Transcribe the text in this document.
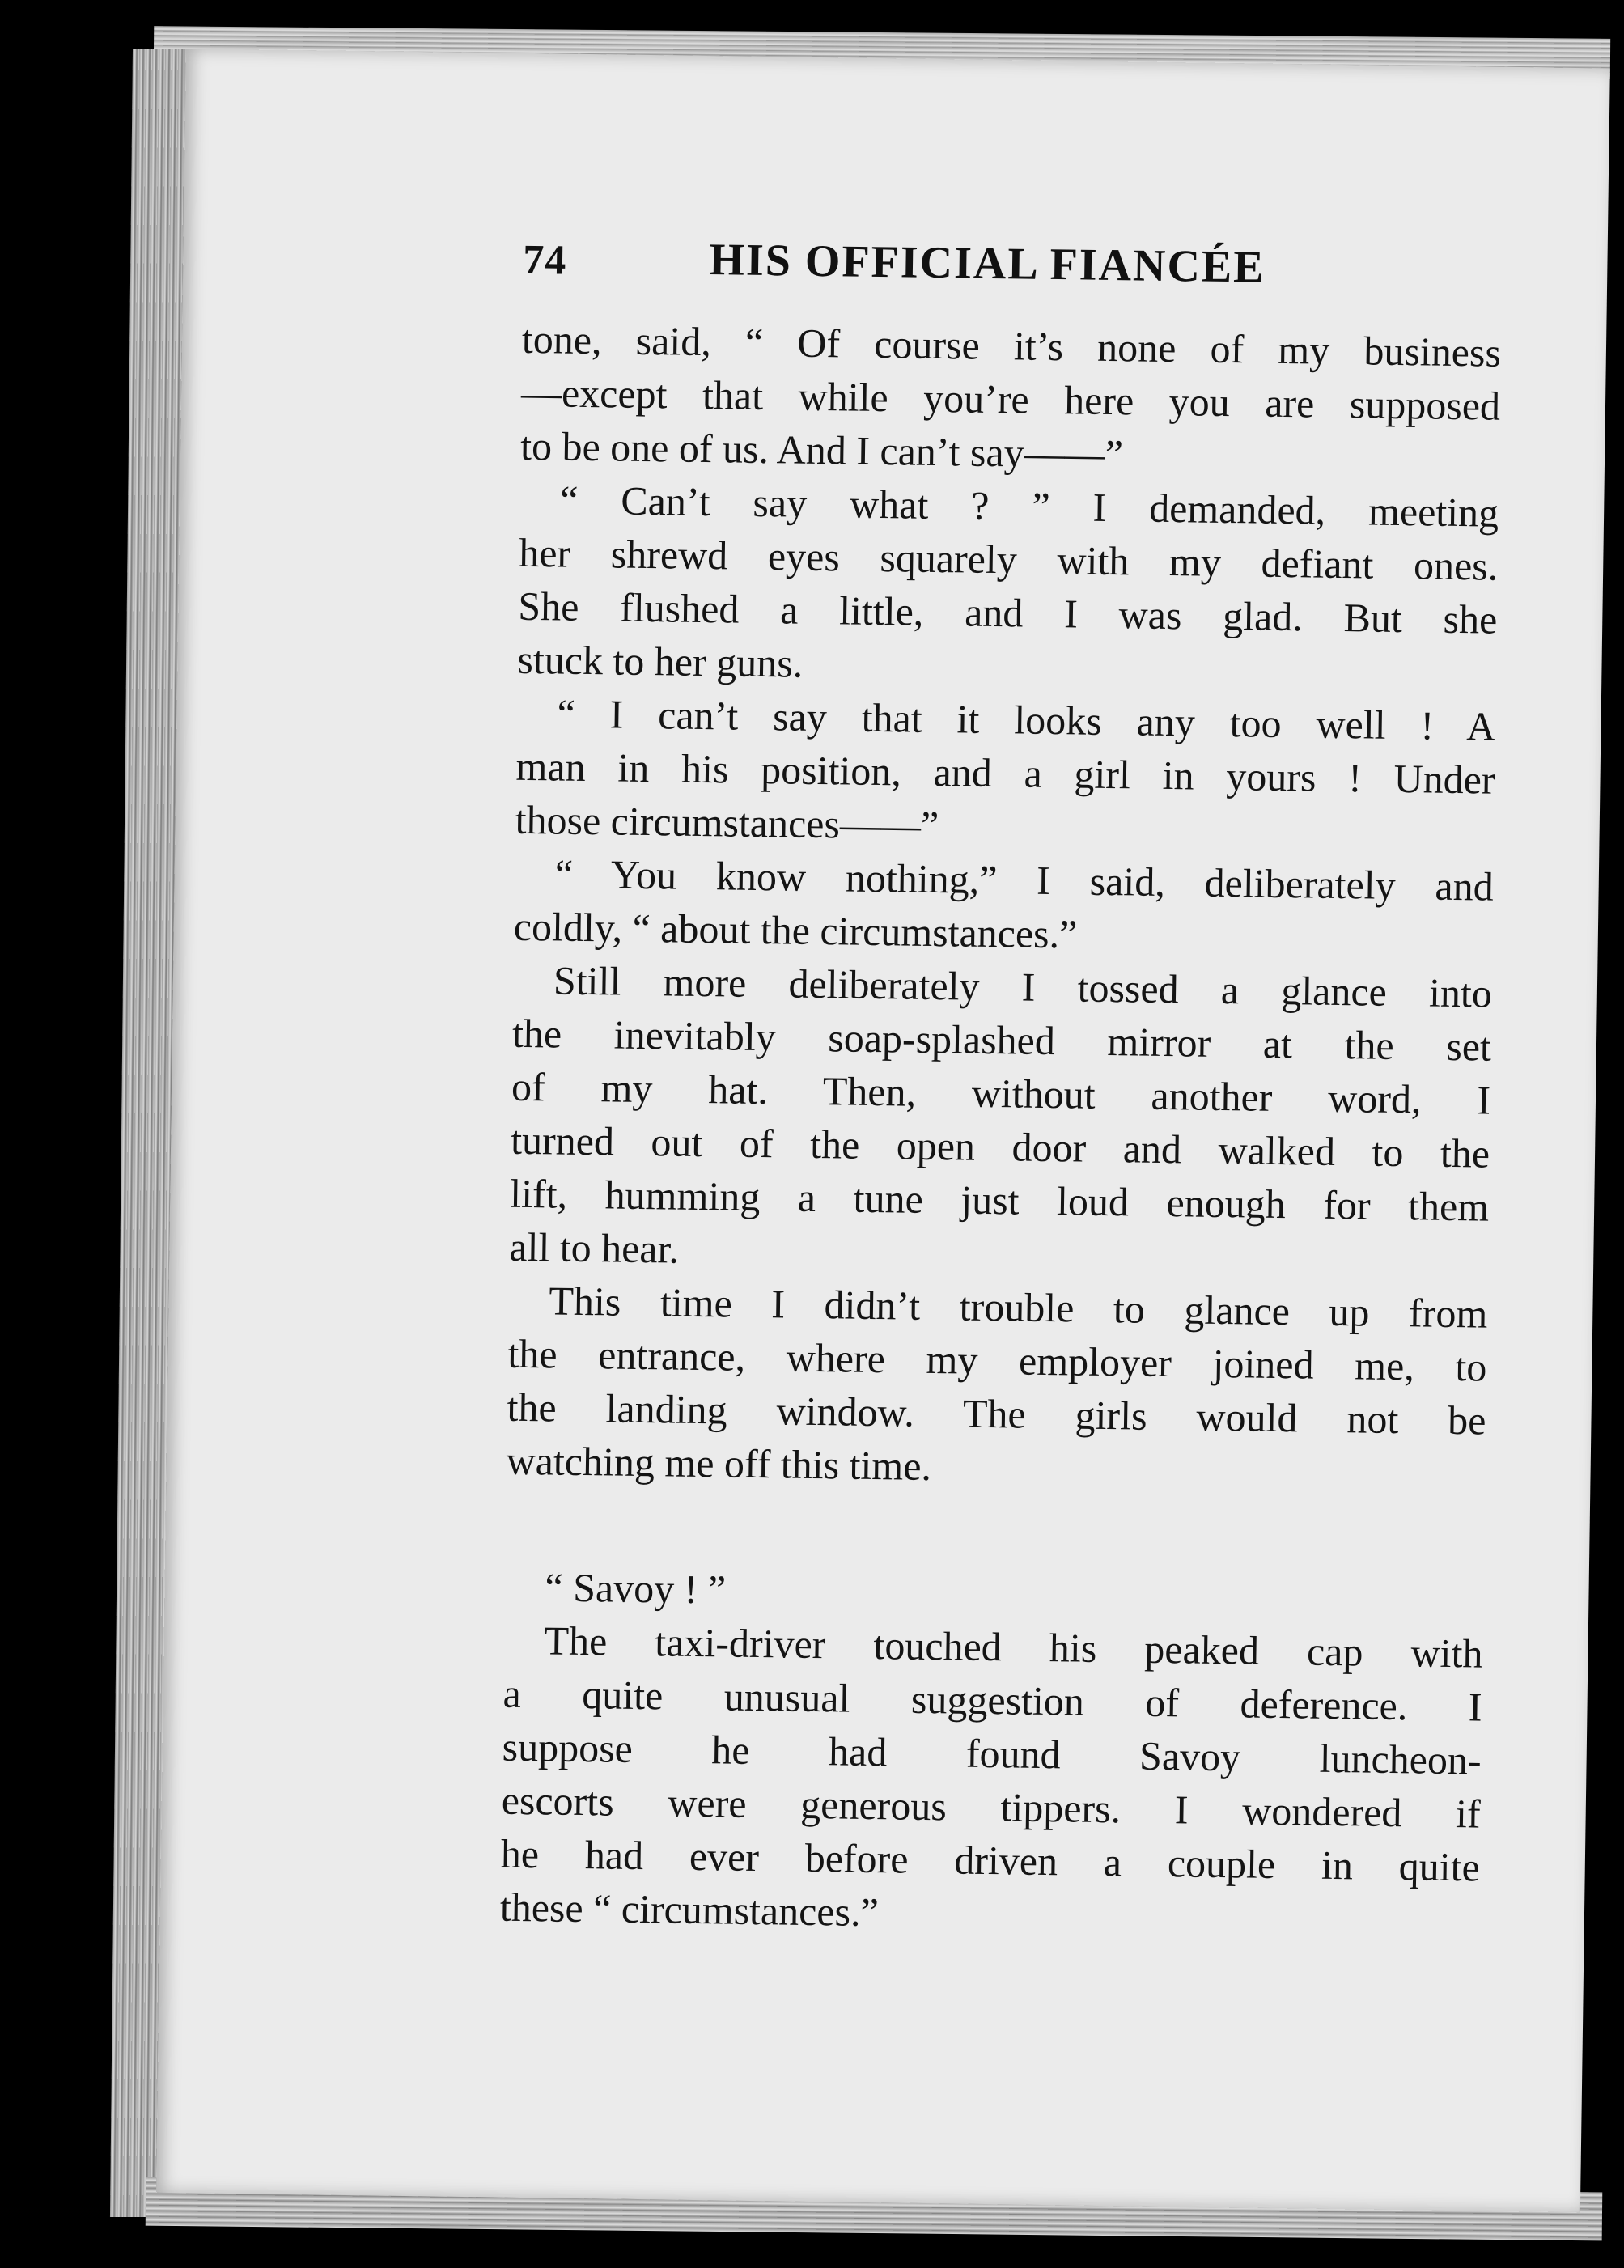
74	HIS OFFICIAL FIANCÉE
tone, said, “ Of course it’s none of my business
—except that while you’re here you are supposed
to be one of us. And I can’t say——”
“ Can’t say what ? ” I demanded, meeting
her shrewd eyes squarely with my defiant ones.
She flushed a little, and I was glad. But she
stuck to her guns.
“ I can’t say that it looks any too well ! A
man in his position, and a girl in yours ! Under
those circumstances——”
“ You know nothing,” I said, deliberately and
coldly, “ about the circumstances.”
Still more deliberately I tossed a glance into
the inevitably soap-splashed mirror at the set
of my hat. Then, without another word, I
turned out of the open door and walked to the
lift, humming a tune just loud enough for them
all to hear.
This time I didn’t trouble to glance up from
the entrance, where my employer joined me, to
the landing window. The girls would not be
watching me off this time.
“ Savoy ! ”
The taxi-driver touched his peaked cap with
a quite unusual suggestion of deference. I
suppose he had found Savoy luncheon-
escorts were generous tippers. I wondered if
he had ever before driven a couple in quite
these “ circumstances.”
